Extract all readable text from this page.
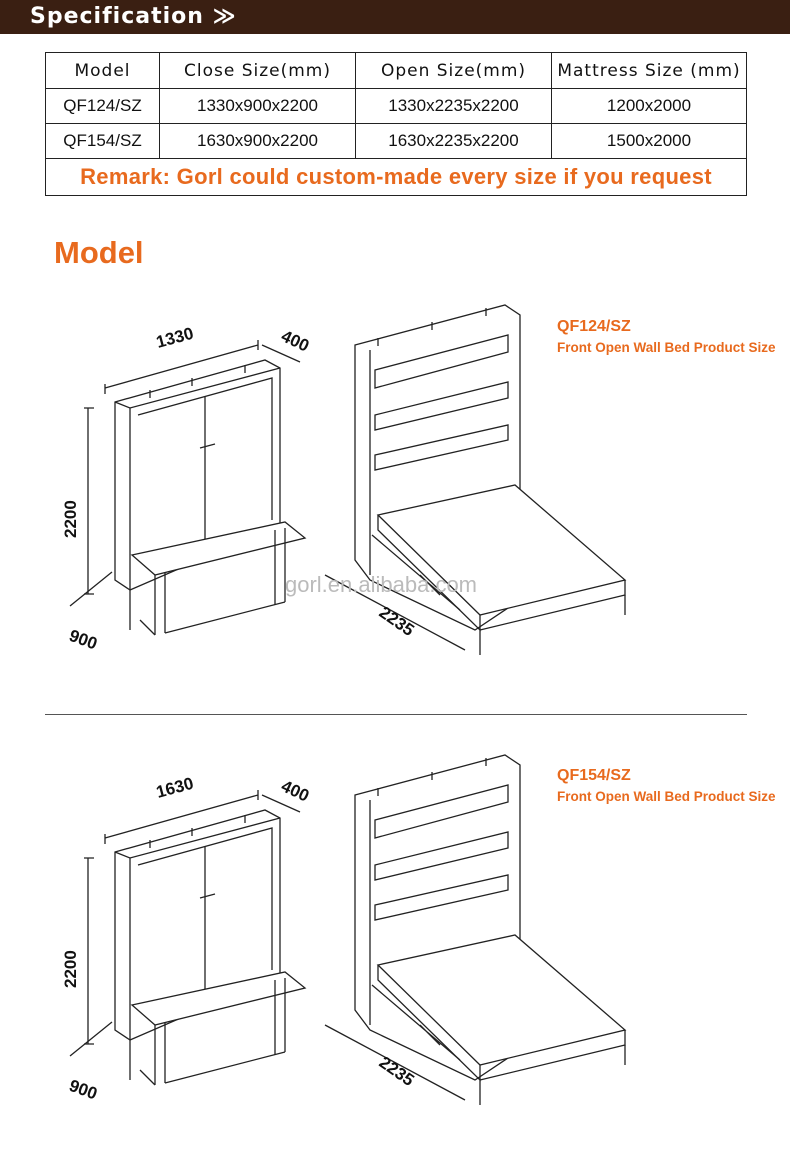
Specification ≫
Model	Close Size(mm)	Open Size(mm)	Mattress Size (mm)
QF124/SZ	1330x900x2200	1330x2235x2200	1200x2000
QF154/SZ	1630x900x2200	1630x2235x2200	1500x2000
Remark: Gorl could custom-made every size if you request			
Model
QF124/SZ
Front Open Wall Bed Product Size
1330	400
2200
900	2235
gorl.en.alibaba.com
QF154/SZ
Front Open Wall Bed Product Size
1630	400
2200
900	2235
